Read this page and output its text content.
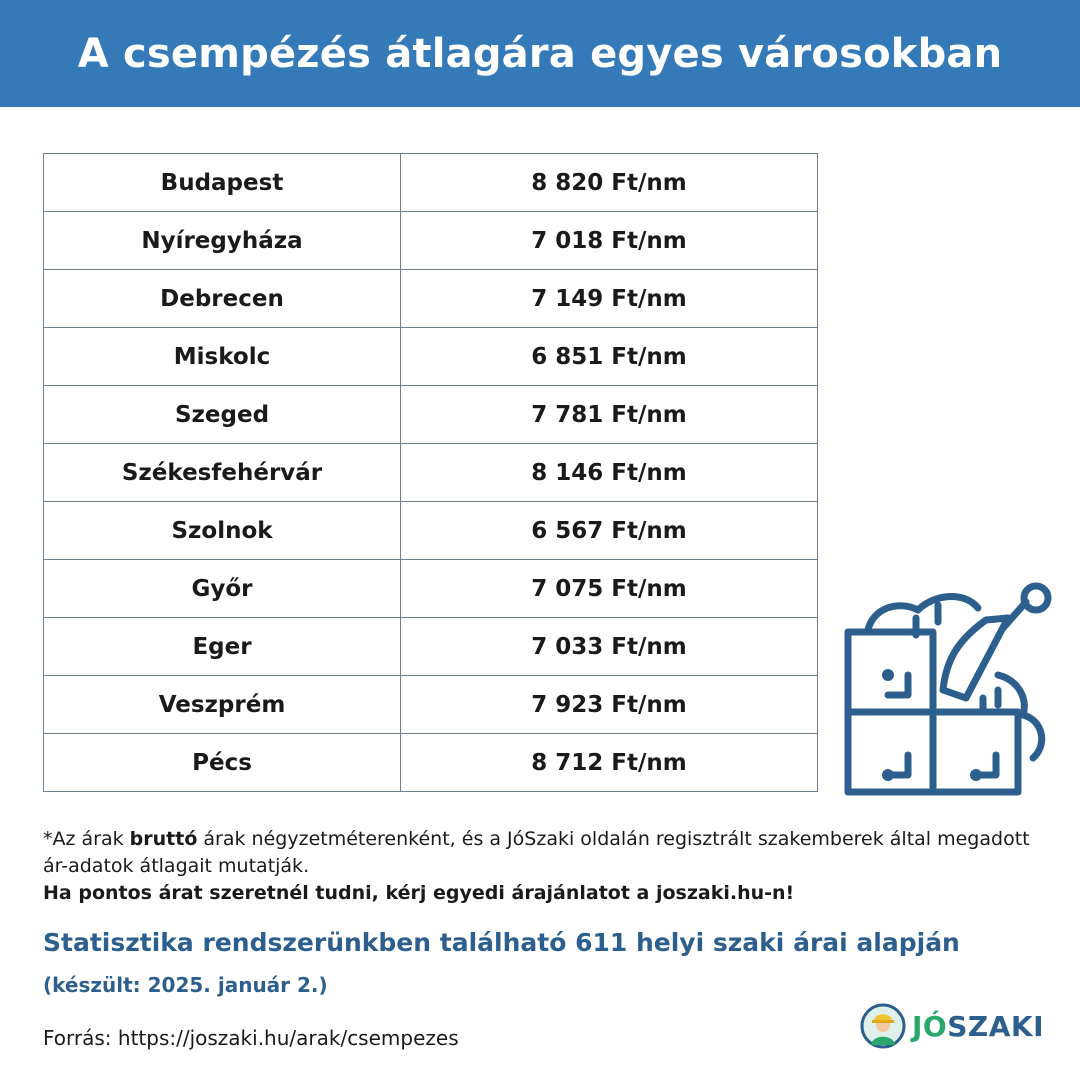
A csempézés átlagára egyes városokban
Budapest	8 820 Ft/nm
Nyíregyháza	7 018 Ft/nm
Debrecen	7 149 Ft/nm
Miskolc	6 851 Ft/nm
Szeged	7 781 Ft/nm
Székesfehérvár	8 146 Ft/nm
Szolnok	6 567 Ft/nm
Győr	7 075 Ft/nm
Eger	7 033 Ft/nm
Veszprém	7 923 Ft/nm
Pécs	8 712 Ft/nm
*Az árak bruttó árak négyzetméterenként, és a JóSzaki oldalán regisztrált szakemberek által megadott ár-adatok átlagait mutatják.
Ha pontos árat szeretnél tudni, kérj egyedi árajánlatot a joszaki.hu-n!
Statisztika rendszerünkben található 611 helyi szaki árai alapján
(készült: 2025. január 2.)
Forrás: https://joszaki.hu/arak/csempezes	JÓSZAKI
